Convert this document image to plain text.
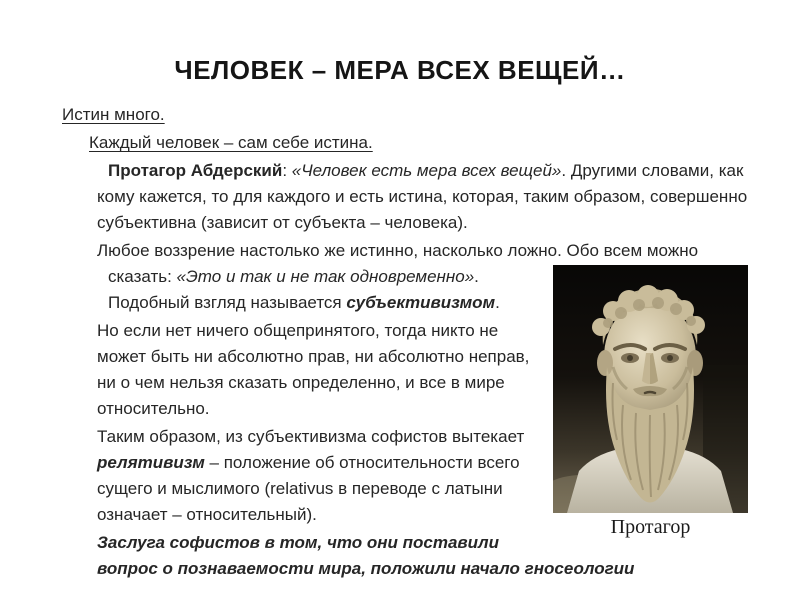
ЧЕЛОВЕК – МЕРА ВСЕХ ВЕЩЕЙ…
Протагор

Истин много.

Каждый человек – сам себе истина.

Протагор Абдерский: «Человек есть мера всех вещей». Другими словами, как кому кажется, то для каждого и есть истина, которая, таким образом, совершенно субъективна (зависит от субъекта – человека).

Любое воззрение настолько же истинно, насколько ложно. Обо всем можно сказать: «Это и так и не так одновременно». Подобный взгляд называется субъективизмом.

Но если нет ничего общепринятого, тогда никто не может быть ни абсолютно прав, ни абсолютно неправ, ни о чем нельзя сказать определенно, и все в мире относительно.

Таким образом, из субъективизма софистов вытекает релятивизм – положение об относительности всего сущего и мыслимого (relativus в переводе с латыни означает – относительный).

Заслуга софистов в том, что они поставили вопрос о познаваемости мира, положили начало гносеологии
